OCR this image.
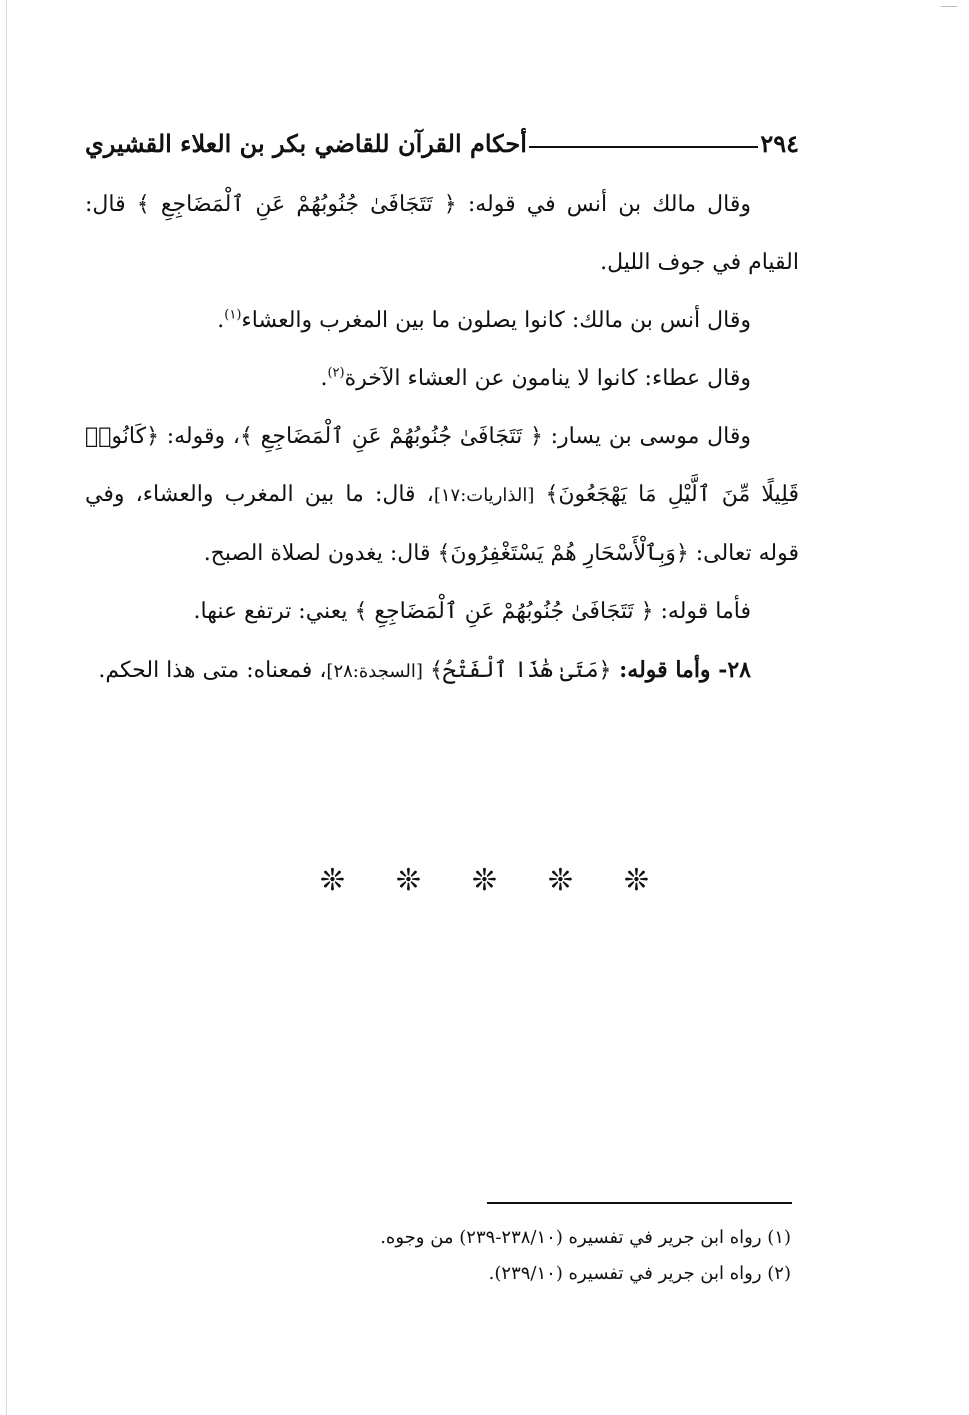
٢٩٤
أحكام القرآن للقاضي بكر بن العلاء القشيري

وقال مالك بن أنس في قوله: ﴿ تَتَجَافَىٰ جُنُوبُهُمْ عَنِ ٱلْمَضَاجِعِ ﴾ قال: القيام في جوف الليل.

وقال أنس بن مالك: كانوا يصلون ما بين المغرب والعشاء$^{(١)}$.

وقال عطاء: كانوا لا ينامون عن العشاء الآخرة$^{(٢)}$.

وقال موسى بن يسار: ﴿ تَتَجَافَىٰ جُنُوبُهُمْ عَنِ ٱلْمَضَاجِعِ ﴾، وقوله: ﴿كَانُوا۟ قَلِيلًا مِّنَ ٱلَّيْلِ مَا يَهْجَعُونَ﴾ [الذاريات:١٧]، قال: ما بين المغرب والعشاء، وفي قوله تعالى: ﴿وَبِٱلْأَسْحَارِ هُمْ يَسْتَغْفِرُونَ﴾ قال: يغدون لصلاة الصبح.

فأما قوله: ﴿ تَتَجَافَىٰ جُنُوبُهُمْ عَنِ ٱلْمَضَاجِعِ ﴾ يعني: ترتفع عنها.

٢٨- وأما قوله: ﴿مَتَىٰ هَٰذَا ٱلْفَتْحُ﴾ [السجدة:٢٨]، فمعناه: متى هذا الحكم.

❊ ❊ ❊ ❊ ❊

(١) رواه ابن جرير في تفسيره (٢٣٨/١٠-٢٣٩) من وجوه.

(٢) رواه ابن جرير في تفسيره (٢٣٩/١٠).
